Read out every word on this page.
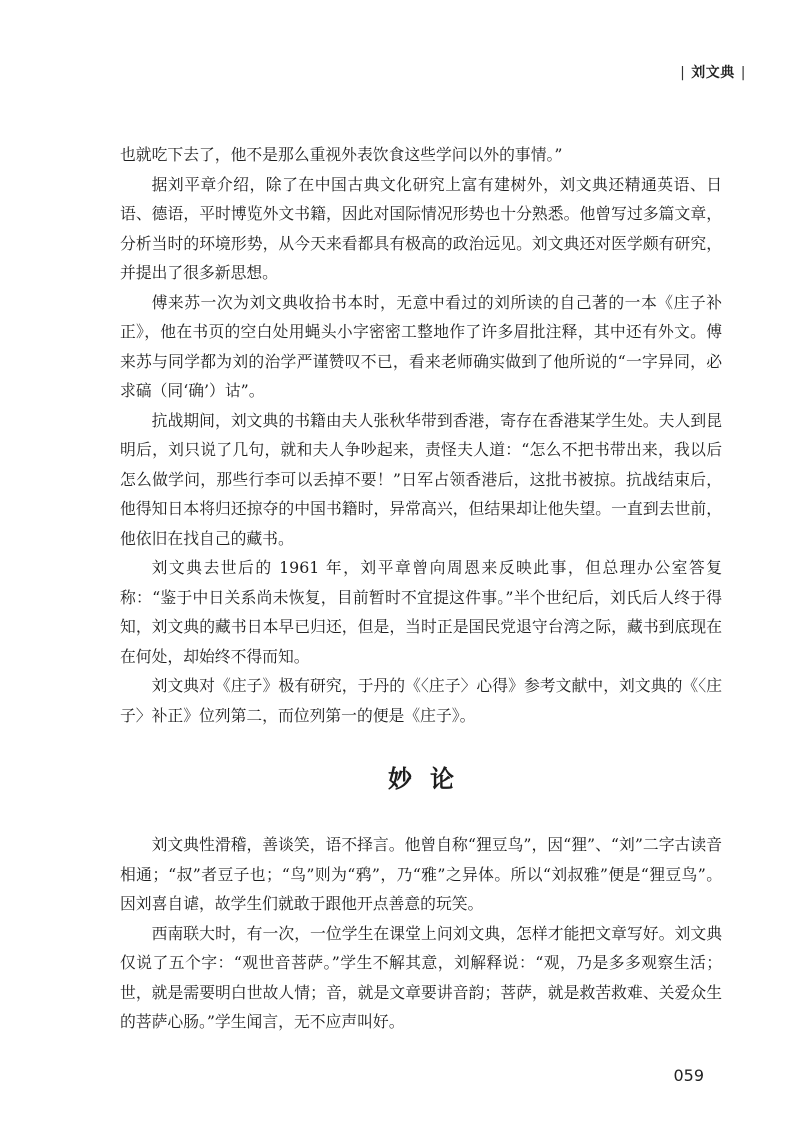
| 刘文典 |

也就吃下去了，他不是那么重视外表饮食这些学问以外的事情。”

据刘平章介绍，除了在中国古典文化研究上富有建树外，刘文典还精通英语、日语、德语，平时博览外文书籍，因此对国际情况形势也十分熟悉。他曾写过多篇文章，分析当时的环境形势，从今天来看都具有极高的政治远见。刘文典还对医学颇有研究，并提出了很多新思想。

傅来苏一次为刘文典收拾书本时，无意中看过的刘所读的自己著的一本《庄子补正》，他在书页的空白处用蝇头小字密密工整地作了许多眉批注释，其中还有外文。傅来苏与同学都为刘的治学严谨赞叹不已，看来老师确实做到了他所说的“一字异同，必求碻（同‘确’）诂”。

抗战期间，刘文典的书籍由夫人张秋华带到香港，寄存在香港某学生处。夫人到昆明后，刘只说了几句，就和夫人争吵起来，责怪夫人道：“怎么不把书带出来，我以后怎么做学问，那些行李可以丢掉不要！”日军占领香港后，这批书被掠。抗战结束后，他得知日本将归还掠夺的中国书籍时，异常高兴，但结果却让他失望。一直到去世前，他依旧在找自己的藏书。

刘文典去世后的 1961 年，刘平章曾向周恩来反映此事，但总理办公室答复称：“鉴于中日关系尚未恢复，目前暂时不宜提这件事。”半个世纪后，刘氏后人终于得知，刘文典的藏书日本早已归还，但是，当时正是国民党退守台湾之际，藏书到底现在在何处，却始终不得而知。

刘文典对《庄子》极有研究，于丹的《〈庄子〉心得》参考文献中，刘文典的《〈庄子〉补正》位列第二，而位列第一的便是《庄子》。

妙论

刘文典性滑稽，善谈笑，语不择言。他曾自称“狸豆鸟”，因“狸”、“刘”二字古读音相通；“叔”者豆子也；“鸟”则为“鸦”，乃“雅”之异体。所以“刘叔雅”便是“狸豆鸟”。因刘喜自谑，故学生们就敢于跟他开点善意的玩笑。

西南联大时，有一次，一位学生在课堂上问刘文典，怎样才能把文章写好。刘文典仅说了五个字：“观世音菩萨。”学生不解其意，刘解释说：“观，乃是多多观察生活；世，就是需要明白世故人情；音，就是文章要讲音韵；菩萨，就是救苦救难、关爱众生的菩萨心肠。”学生闻言，无不应声叫好。

059
